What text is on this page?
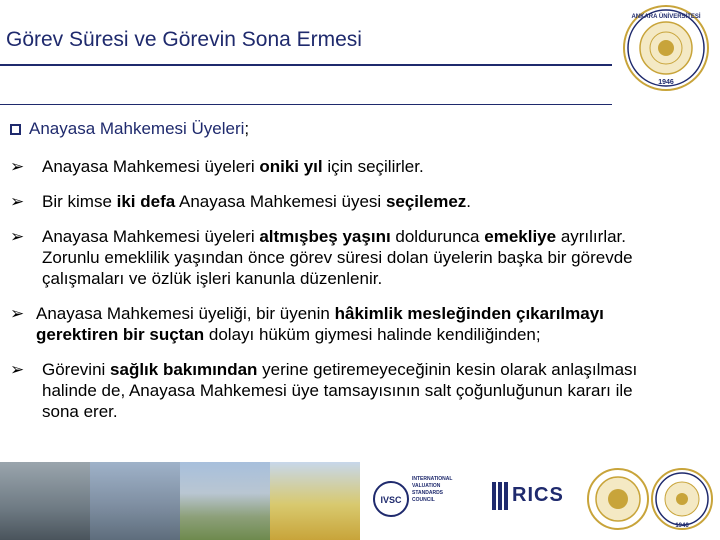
Görev Süresi ve Görevin Sona Ermesi
ANKARA ÜNİVERSİTESİ
1946
Anayasa Mahkemesi Üyeleri;
➢ Anayasa Mahkemesi üyeleri oniki yıl için seçilirler.
➢ Bir kimse iki defa Anayasa Mahkemesi üyesi seçilemez.
➢ Anayasa Mahkemesi üyeleri altmışbeş yaşını doldurunca emekliye ayrılırlar. Zorunlu emeklilik yaşından önce görev süresi dolan üyelerin başka bir görevde çalışmaları ve özlük işleri kanunla düzenlenir.
➢ Anayasa Mahkemesi üyeliği, bir üyenin hâkimlik mesleğinden çıkarılmayı gerektiren bir suçtan dolayı hüküm giymesi halinde kendiliğinden;
➢ Görevini sağlık bakımından yerine getiremeyeceğinin kesin olarak anlaşılması halinde de, Anayasa Mahkemesi üye tamsayısının salt çoğunluğunun kararı ile sona erer.
IVSC
INTERNATIONAL VALUATION STANDARDS COUNCIL	RICS
1946
